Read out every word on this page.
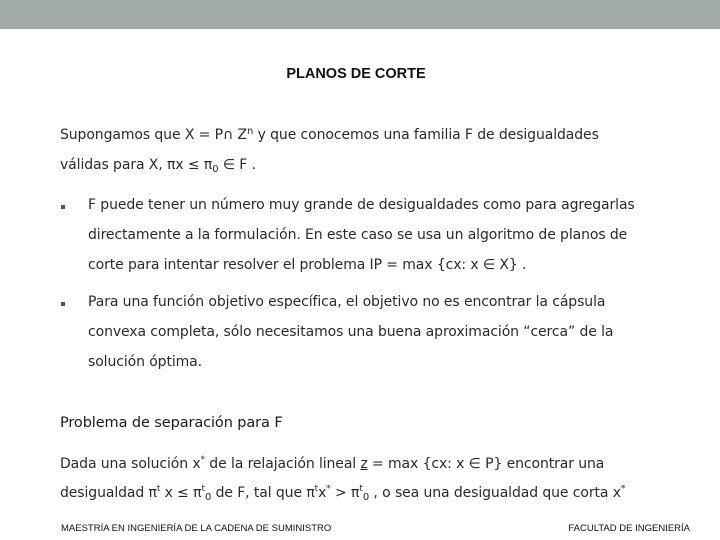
PLANOS DE CORTE
Supongamos que X = P∩ $Z^n$ y que conocemos una familia F de desigualdades
válidas para X, $\pi x \le \pi_0$ ∈ F .
F puede tener un número muy grande de desigualdades como para agregarlas
directamente a la formulación. En este caso se usa un algoritmo de planos de
corte para intentar resolver el problema IP = max {cx: x ∈ X} .
Para una función objetivo específica, el objetivo no es encontrar la cápsula
convexa completa, sólo necesitamos una buena aproximación “cerca” de la
solución óptima.
Problema de separación para F
Dada una solución x* de la relajación lineal z = max {cx: x ∈ P} encontrar una
desigualdad $\pi^t$ $x \le \pi^t_0$ de F, tal que $\pi^tx^* > \pi^t_0$ , o sea una desigualdad que corta x*
MAESTRÍA EN INGENIERÍA DE LA CADENA DE SUMINISTRO	FACULTAD DE INGENIERÍA
